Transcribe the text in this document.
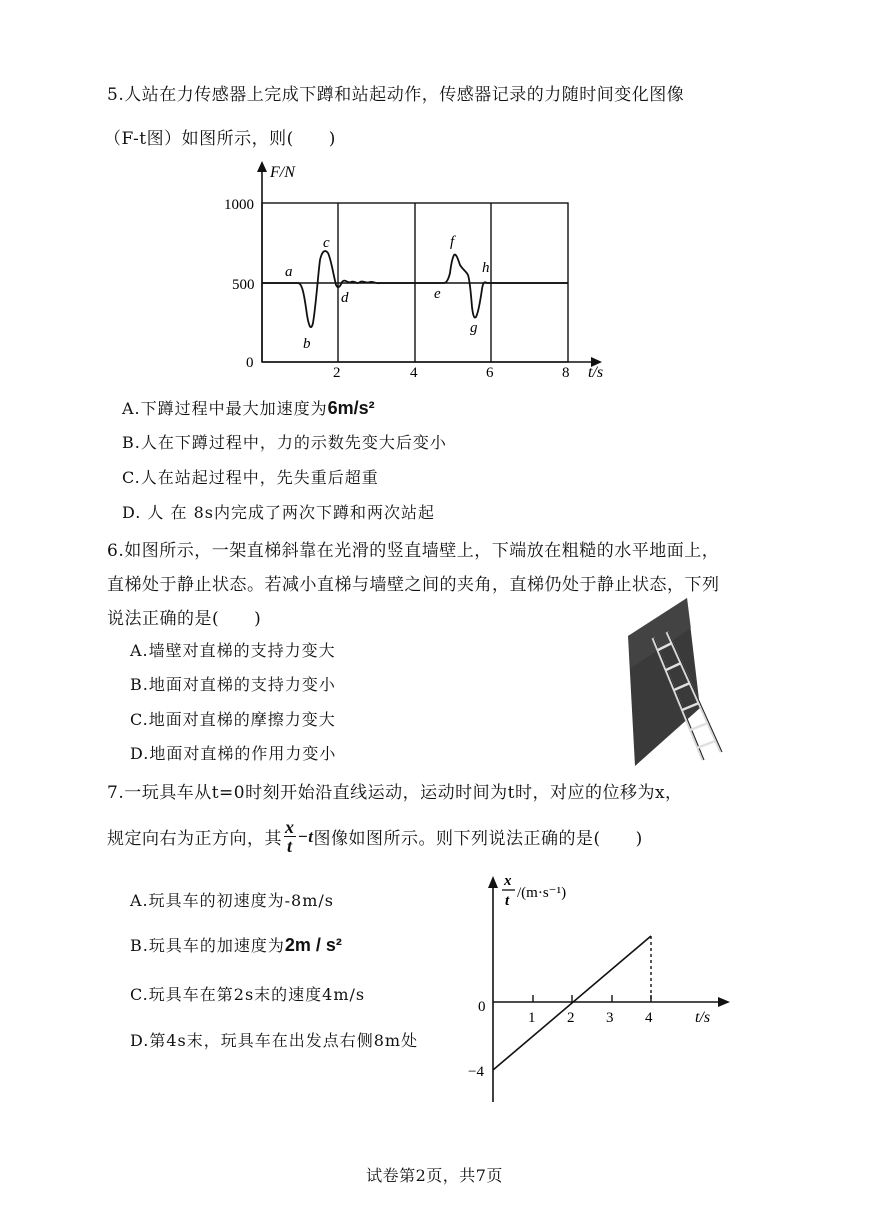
5.人站在力传感器上完成下蹲和站起动作，传感器记录的力随时间变化图像
（F-t图）如图所示，则(　　)
1000
500
0
2	4	6	8
F/N
t/s
a
b
c
d	e
f
g
h
A.下蹲过程中最大加速度为6m/s²
B.人在下蹲过程中，力的示数先变大后变小
C.人在站起过程中，先失重后超重
D. 人 在 8s内完成了两次下蹲和两次站起
6.如图所示，一架直梯斜靠在光滑的竖直墙壁上，下端放在粗糙的水平地面上，
直梯处于静止状态。若减小直梯与墙壁之间的夹角，直梯仍处于静止状态，下列
说法正确的是(　　)
A.墙壁对直梯的支持力变大
B.地面对直梯的支持力变小
C.地面对直梯的摩擦力变大
D.地面对直梯的作用力变小
7.一玩具车从t=0时刻开始沿直线运动，运动时间为t时，对应的位移为x，
规定向右为正方向，其 $\frac{x}{t} -t$ 图像如图所示。则下列说法正确的是(　　)
A.玩具车的初速度为-8m/s
B.玩具车的加速度为2m / s²
C.玩具车在第2s末的速度4m/s
D.第4s末，玩具车在出发点右侧8m处
x
t /(m·s⁻¹)
0
−4
1 2 3 4	t/s
试卷第2页，共7页
